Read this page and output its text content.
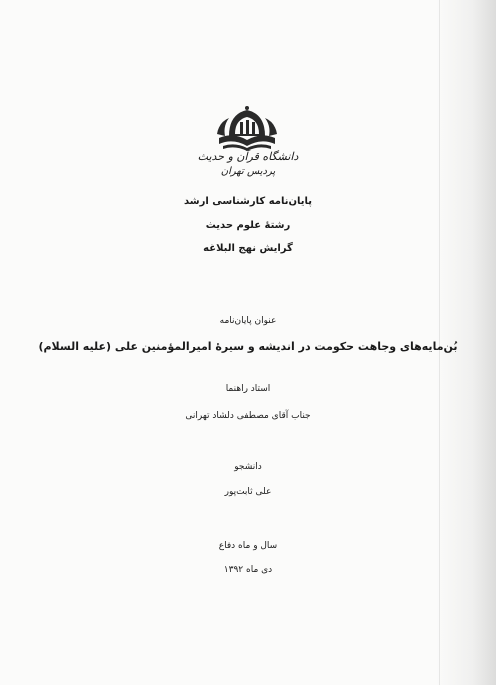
دانشگاه قرآن و حدیث
پردیس تهران
پایان‌نامه کارشناسی ارشد
رشتهٔ علوم حدیث
گرایش نهج البلاغه
عنوان پایان‌نامه
بُن‌مایه‌های وجاهت حکومت در اندیشه و سیرهٔ امیرالمؤمنین علی (علیه السلام)
استاد راهنما
جناب آقای مصطفی دلشاد تهرانی
دانشجو
علی ثابت‌پور
سال و ماه دفاع
دی ماه ۱۳۹۲
